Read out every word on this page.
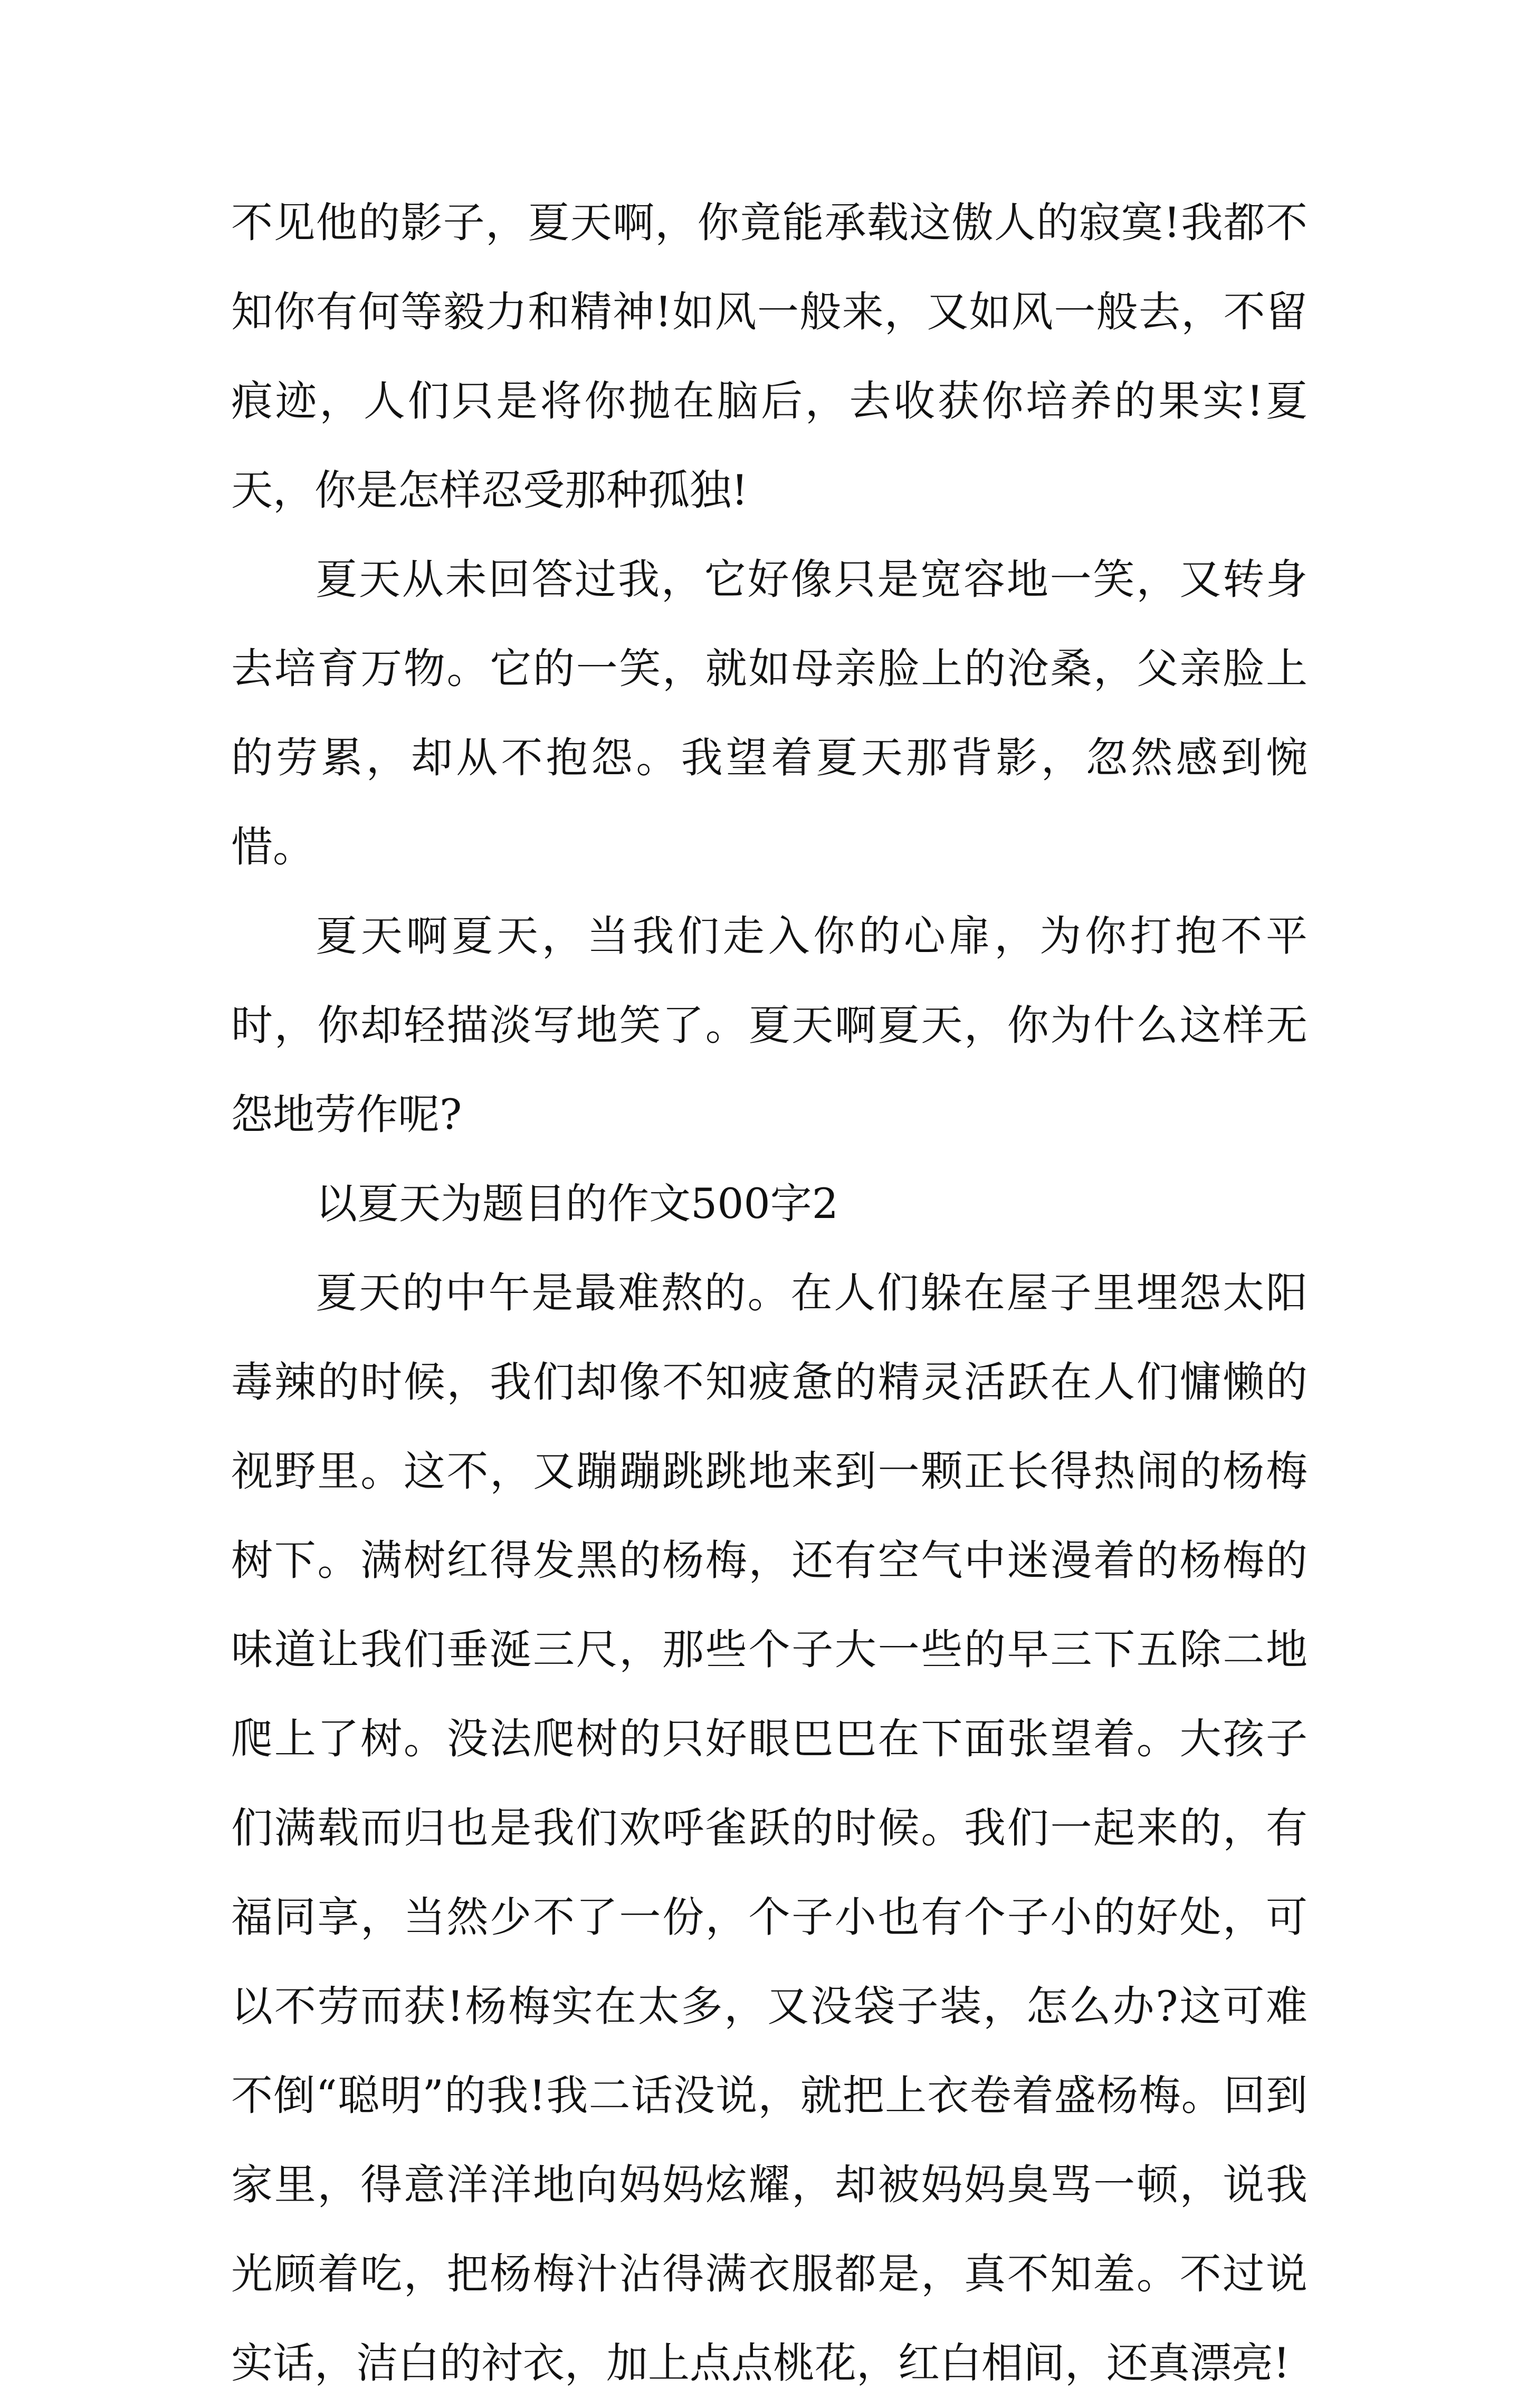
不见他的影子，夏天啊，你竟能承载这傲人的寂寞!我都不知你有何等毅力和精神!如风一般来，又如风一般去，不留痕迹，人们只是将你抛在脑后，去收获你培养的果实!夏天，你是怎样忍受那种孤独!

夏天从未回答过我，它好像只是宽容地一笑，又转身去培育万物。它的一笑，就如母亲脸上的沧桑，父亲脸上的劳累，却从不抱怨。我望着夏天那背影，忽然感到惋惜。

夏天啊夏天，当我们走入你的心扉，为你打抱不平时，你却轻描淡写地笑了。夏天啊夏天，你为什么这样无怨地劳作呢?

以夏天为题目的作文500字2

夏天的中午是最难熬的。在人们躲在屋子里埋怨太阳毒辣的时候，我们却像不知疲惫的精灵活跃在人们慵懒的视野里。这不，又蹦蹦跳跳地来到一颗正长得热闹的杨梅树下。满树红得发黑的杨梅，还有空气中迷漫着的杨梅的味道让我们垂涎三尺，那些个子大一些的早三下五除二地爬上了树。没法爬树的只好眼巴巴在下面张望着。大孩子们满载而归也是我们欢呼雀跃的时候。我们一起来的，有福同享，当然少不了一份，个子小也有个子小的好处，可以不劳而获!杨梅实在太多，又没袋子装，怎么办?这可难不倒“聪明”的我!我二话没说，就把上衣卷着盛杨梅。回到家里，得意洋洋地向妈妈炫耀，却被妈妈臭骂一顿，说我光顾着吃，把杨梅汁沾得满衣服都是，真不知羞。不过说实话，洁白的衬衣，加上点点桃花，红白相间，还真漂亮!
